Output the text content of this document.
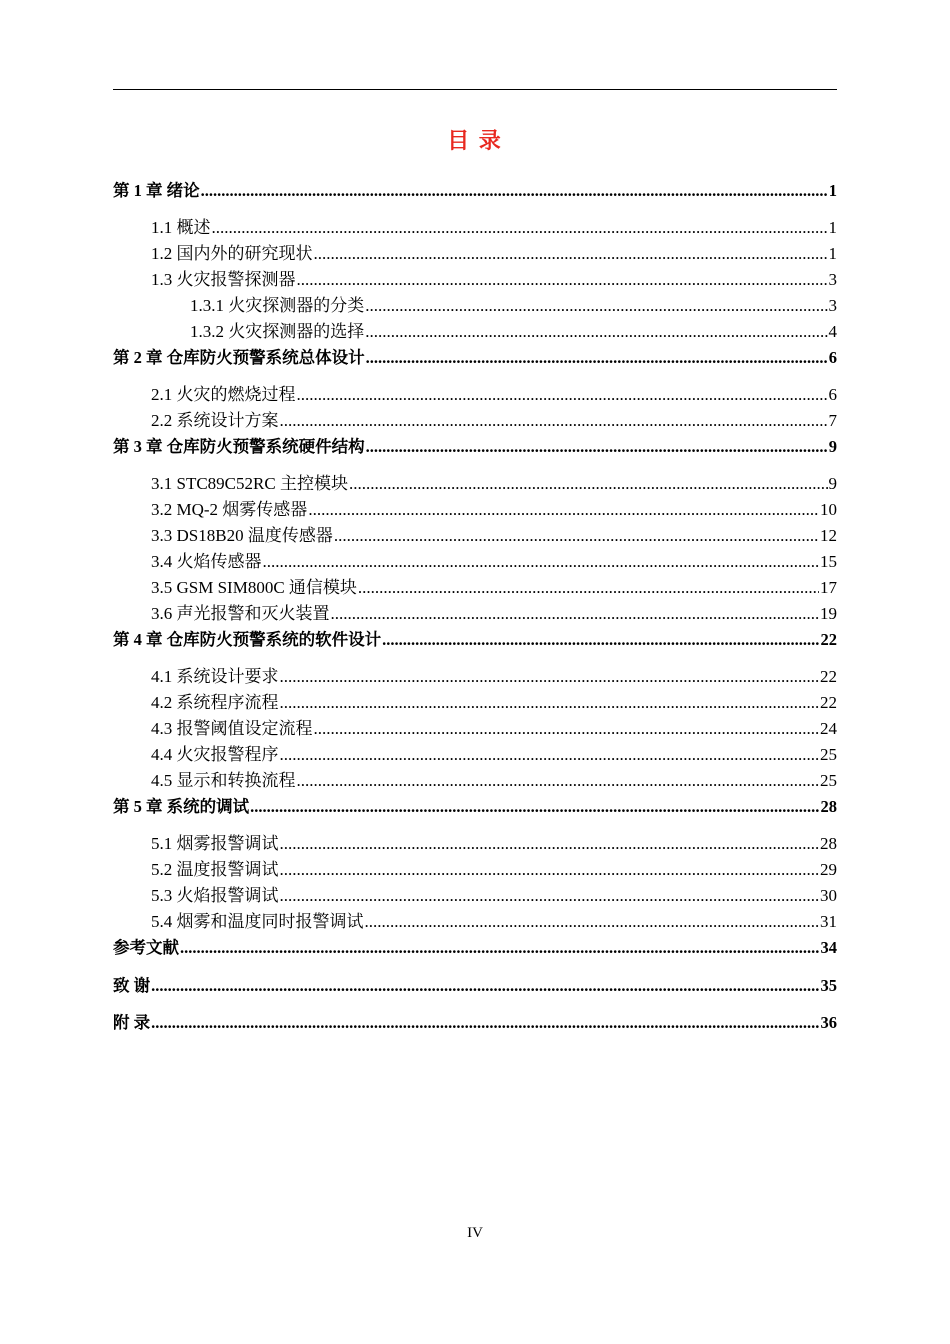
目 录
第 1 章 绪论 .....	1
1.1 概述 .....	1
1.2 国内外的研究现状 .....	1
1.3 火灾报警探测器 .....	3
1.3.1 火灾探测器的分类 .....	3
1.3.2 火灾探测器的选择 .....	4
第 2 章 仓库防火预警系统总体设计 .....	6
2.1 火灾的燃烧过程 .....	6
2.2 系统设计方案 .....	7
第 3 章 仓库防火预警系统硬件结构 .....	9
3.1 STC89C52RC 主控模块 .....	9
3.2 MQ-2 烟雾传感器 .....	10
3.3 DS18B20 温度传感器 .....	12
3.4 火焰传感器 .....	15
3.5 GSM SIM800C 通信模块 .....	17
3.6 声光报警和灭火装置 .....	19
第 4 章 仓库防火预警系统的软件设计 .....	22
4.1 系统设计要求 .....	22
4.2 系统程序流程 .....	22
4.3 报警阈值设定流程 .....	24
4.4 火灾报警程序 .....	25
4.5 显示和转换流程 .....	25
第 5 章 系统的调试 .....	28
5.1 烟雾报警调试 .....	28
5.2 温度报警调试 .....	29
5.3 火焰报警调试 .....	30
5.4 烟雾和温度同时报警调试 .....	31
参考文献 .....	34
致 谢 .....	35
附 录 .....	36
IV
